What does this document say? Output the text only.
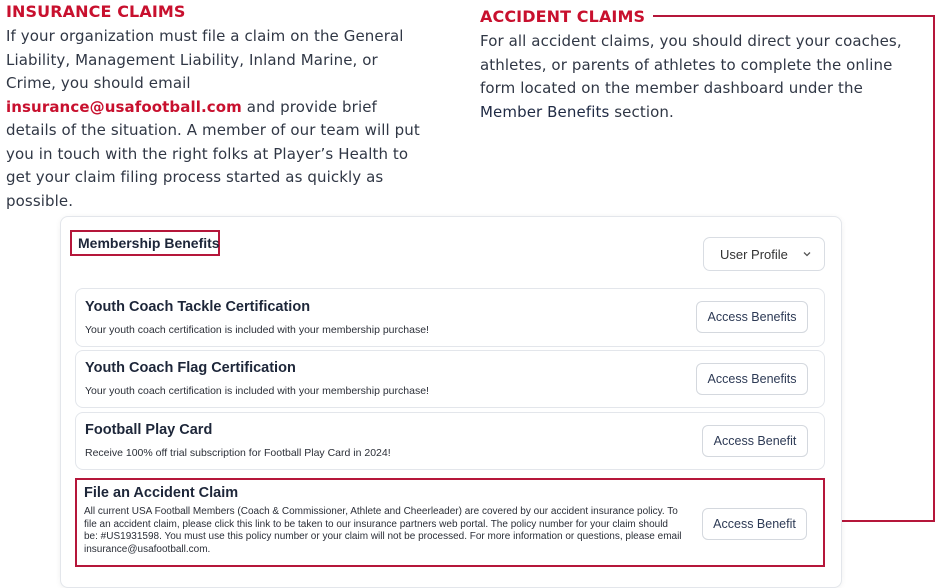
INSURANCE CLAIMS

If your organization must file a claim on the General Liability, Management Liability, Inland Marine, or Crime, you should email insurance@usafootball.com and provide brief details of the situation. A member of our team will put you in touch with the right folks at Player’s Health to get your claim filing process started as quickly as possible.

ACCIDENT CLAIMS

For all accident claims, you should direct your coaches, athletes, or parents of athletes to complete the online form located on the member dashboard under the Member Benefits section.

Membership Benefits
User Profile
Youth Coach Tackle Certification
Your youth coach certification is included with your membership purchase!
Access Benefits
Youth Coach Flag Certification
Your youth coach certification is included with your membership purchase!
Access Benefits
Football Play Card
Receive 100% off trial subscription for Football Play Card in 2024!
Access Benefit
File an Accident Claim

All current USA Football Members (Coach & Commissioner, Athlete and Cheerleader) are covered by our accident insurance policy. To file an accident claim, please click this link to be taken to our insurance partners web portal. The policy number for your claim should be: #US1931598. You must use this policy number or your claim will not be processed. For more information or questions, please email insurance@usafootball.com.

Access Benefit
